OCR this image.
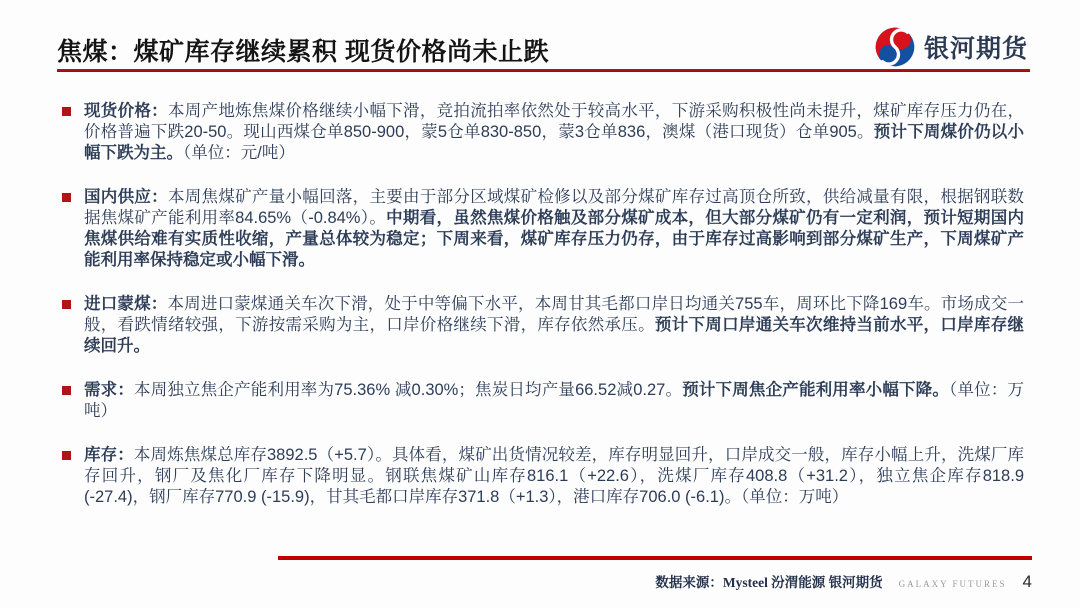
焦煤：煤矿库存继续累积 现货价格尚未止跌	银河期货
现货价格：本周产地炼焦煤价格继续小幅下滑，竞拍流拍率依然处于较高水平，下游采购积极性尚未提升，煤矿库存压力仍在，价格普遍下跌20-50。现山西煤仓单850-900，蒙5仓单830-850，蒙3仓单836，澳煤（港口现货）仓单905。预计下周煤价仍以小幅下跌为主。（单位：元/吨）
国内供应：本周焦煤矿产量小幅回落，主要由于部分区域煤矿检修以及部分煤矿库存过高顶仓所致，供给减量有限，根据钢联数据焦煤矿产能利用率84.65%（-0.84%）。中期看，虽然焦煤价格触及部分煤矿成本，但大部分煤矿仍有一定利润，预计短期国内焦煤供给难有实质性收缩，产量总体较为稳定；下周来看，煤矿库存压力仍存，由于库存过高影响到部分煤矿生产，下周煤矿产能利用率保持稳定或小幅下滑。
进口蒙煤：本周进口蒙煤通关车次下滑，处于中等偏下水平，本周甘其毛都口岸日均通关755车，周环比下降169车。市场成交一般，看跌情绪较强，下游按需采购为主，口岸价格继续下滑，库存依然承压。预计下周口岸通关车次维持当前水平，口岸库存继续回升。
需求：本周独立焦企产能利用率为75.36% 减0.30%；焦炭日均产量66.52减0.27。预计下周焦企产能利用率小幅下降。（单位：万吨）
库存：本周炼焦煤总库存3892.5（+5.7）。具体看，煤矿出货情况较差，库存明显回升，口岸成交一般，库存小幅上升，洗煤厂库存回升，钢厂及焦化厂库存下降明显。钢联焦煤矿山库存816.1（+22.6），洗煤厂库存408.8（+31.2），独立焦企库存818.9 (-27.4)，钢厂库存770.9 (-15.9)，甘其毛都口岸库存371.8（+1.3），港口库存706.0 (-6.1)。（单位：万吨）
数据来源：Mysteel 汾渭能源 银河期货 GALAXY FUTURES 4
